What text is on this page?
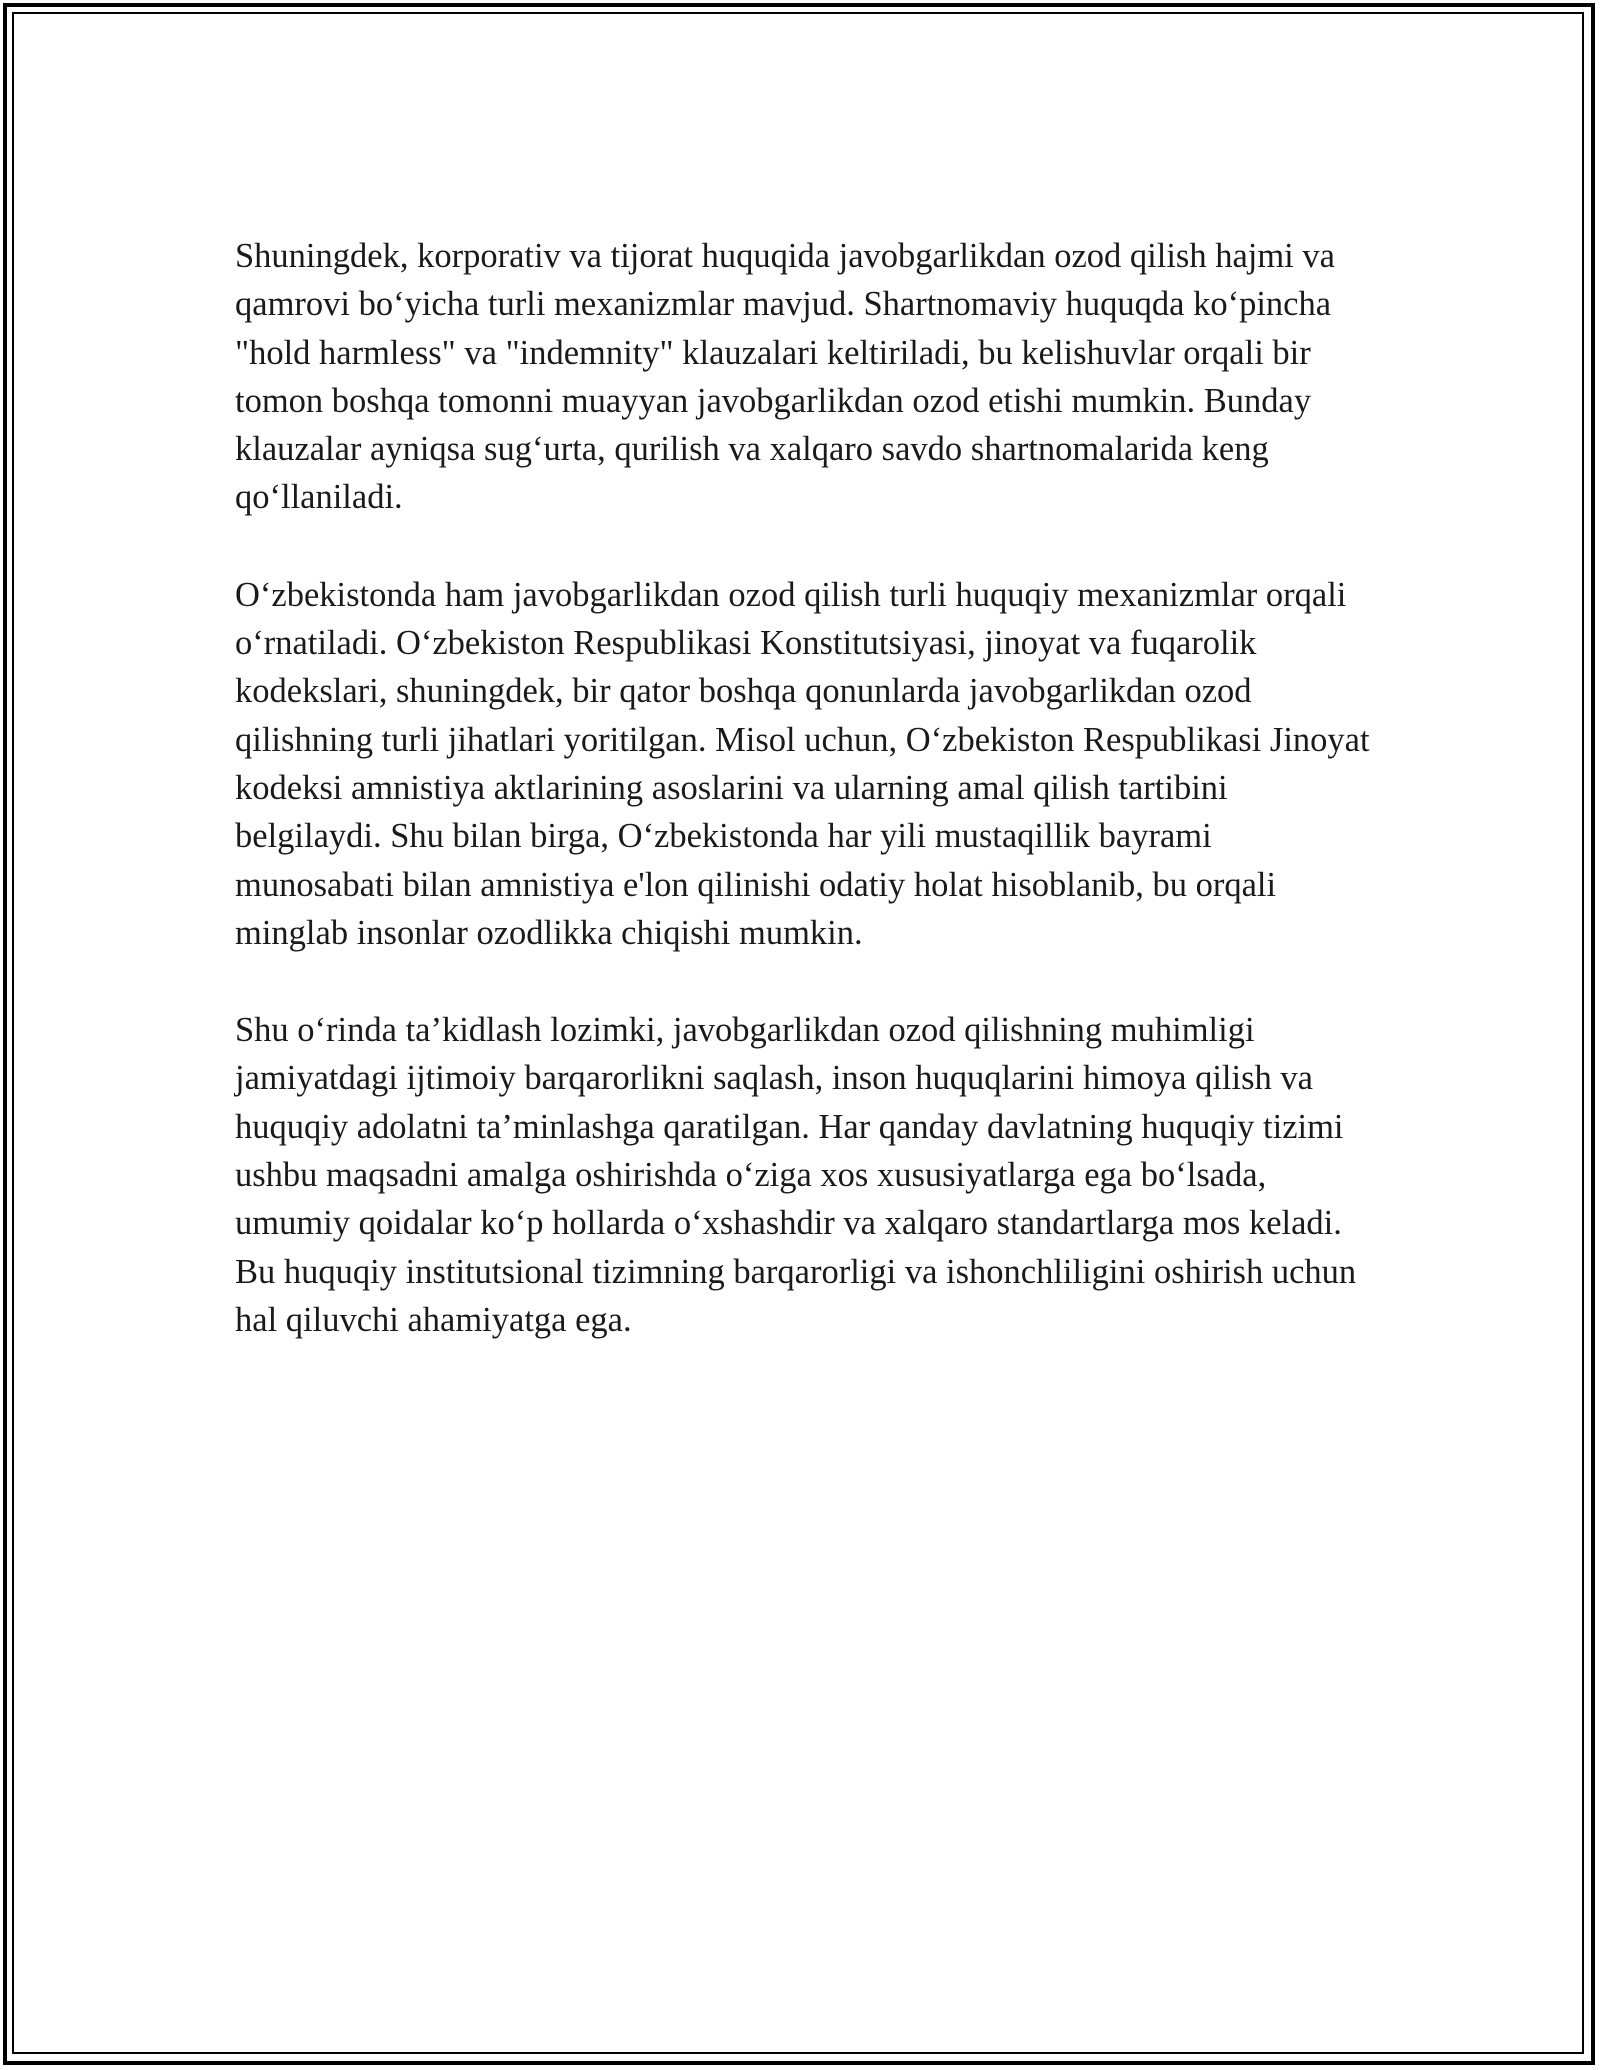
Shuningdek, korporativ va tijorat huquqida javobgarlikdan ozod qilish hajmi va qamrovi bo‘yicha turli mexanizmlar mavjud. Shartnomaviy huquqda ko‘pincha "hold harmless" va "indemnity" klauzalari keltiriladi, bu kelishuvlar orqali bir tomon boshqa tomonni muayyan javobgarlikdan ozod etishi mumkin. Bunday klauzalar ayniqsa sug‘urta, qurilish va xalqaro savdo shartnomalarida keng qo‘llaniladi.

O‘zbekistonda ham javobgarlikdan ozod qilish turli huquqiy mexanizmlar orqali o‘rnatiladi. O‘zbekiston Respublikasi Konstitutsiyasi, jinoyat va fuqarolik kodekslari, shuningdek, bir qator boshqa qonunlarda javobgarlikdan ozod qilishning turli jihatlari yoritilgan. Misol uchun, O‘zbekiston Respublikasi Jinoyat kodeksi amnistiya aktlarining asoslarini va ularning amal qilish tartibini belgilaydi. Shu bilan birga, O‘zbekistonda har yili mustaqillik bayrami munosabati bilan amnistiya e'lon qilinishi odatiy holat hisoblanib, bu orqali minglab insonlar ozodlikka chiqishi mumkin.

Shu o‘rinda ta’kidlash lozimki, javobgarlikdan ozod qilishning muhimligi jamiyatdagi ijtimoiy barqarorlikni saqlash, inson huquqlarini himoya qilish va huquqiy adolatni ta’minlashga qaratilgan. Har qanday davlatning huquqiy tizimi ushbu maqsadni amalga oshirishda o‘ziga xos xususiyatlarga ega bo‘lsada, umumiy qoidalar ko‘p hollarda o‘xshashdir va xalqaro standartlarga mos keladi. Bu huquqiy institutsional tizimning barqarorligi va ishonchliligini oshirish uchun hal qiluvchi ahamiyatga ega.
